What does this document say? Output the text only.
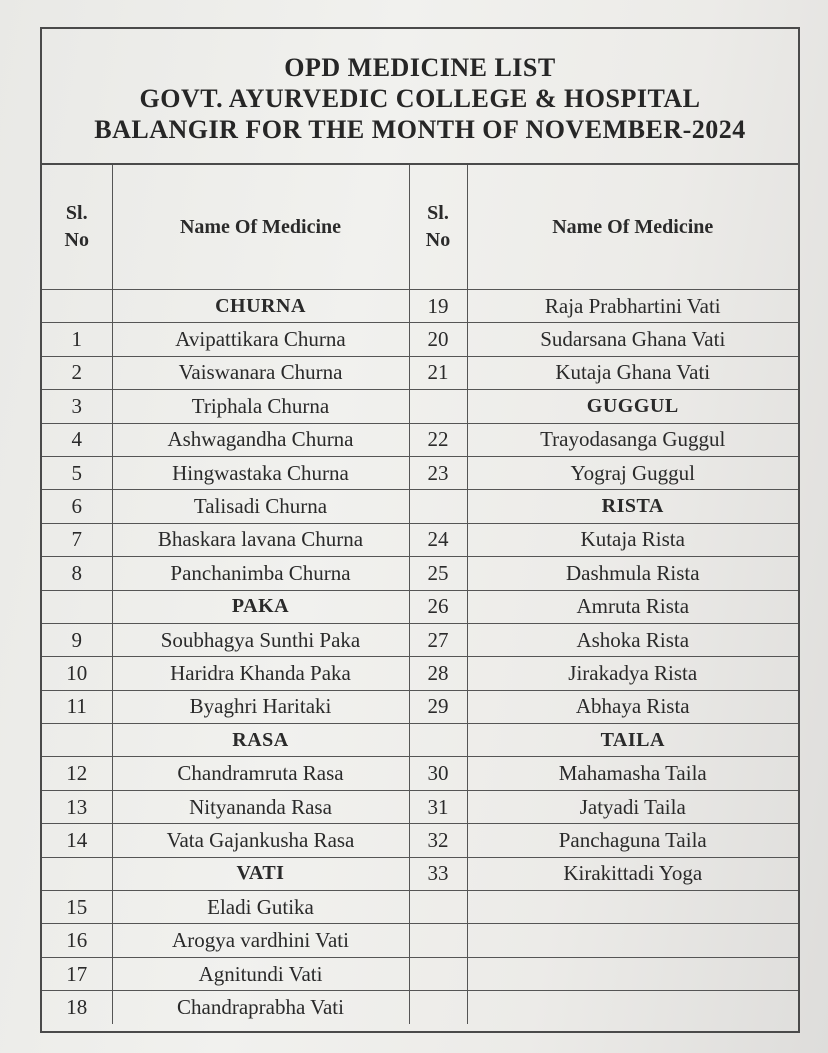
OPD MEDICINE LIST
GOVT. AYURVEDIC COLLEGE & HOSPITAL
BALANGIR FOR THE MONTH OF NOVEMBER-2024
Sl.
No	Name Of Medicine	Sl.
No	Name Of Medicine
	CHURNA	19	Raja Prabhartini Vati
1	Avipattikara Churna	20	Sudarsana Ghana Vati
2	Vaiswanara Churna	21	Kutaja Ghana Vati
3	Triphala Churna		GUGGUL
4	Ashwagandha Churna	22	Trayodasanga Guggul
5	Hingwastaka Churna	23	Yograj Guggul
6	Talisadi Churna		RISTA
7	Bhaskara lavana Churna	24	Kutaja Rista
8	Panchanimba Churna	25	Dashmula Rista
	PAKA	26	Amruta Rista
9	Soubhagya Sunthi Paka	27	Ashoka Rista
10	Haridra Khanda Paka	28	Jirakadya Rista
11	Byaghri Haritaki	29	Abhaya Rista
	RASA		TAILA
12	Chandramruta Rasa	30	Mahamasha Taila
13	Nityananda Rasa	31	Jatyadi Taila
14	Vata Gajankusha Rasa	32	Panchaguna Taila
	VATI	33	Kirakittadi Yoga
15	Eladi Gutika		
16	Arogya vardhini Vati		
17	Agnitundi Vati		
18	Chandraprabha Vati		
